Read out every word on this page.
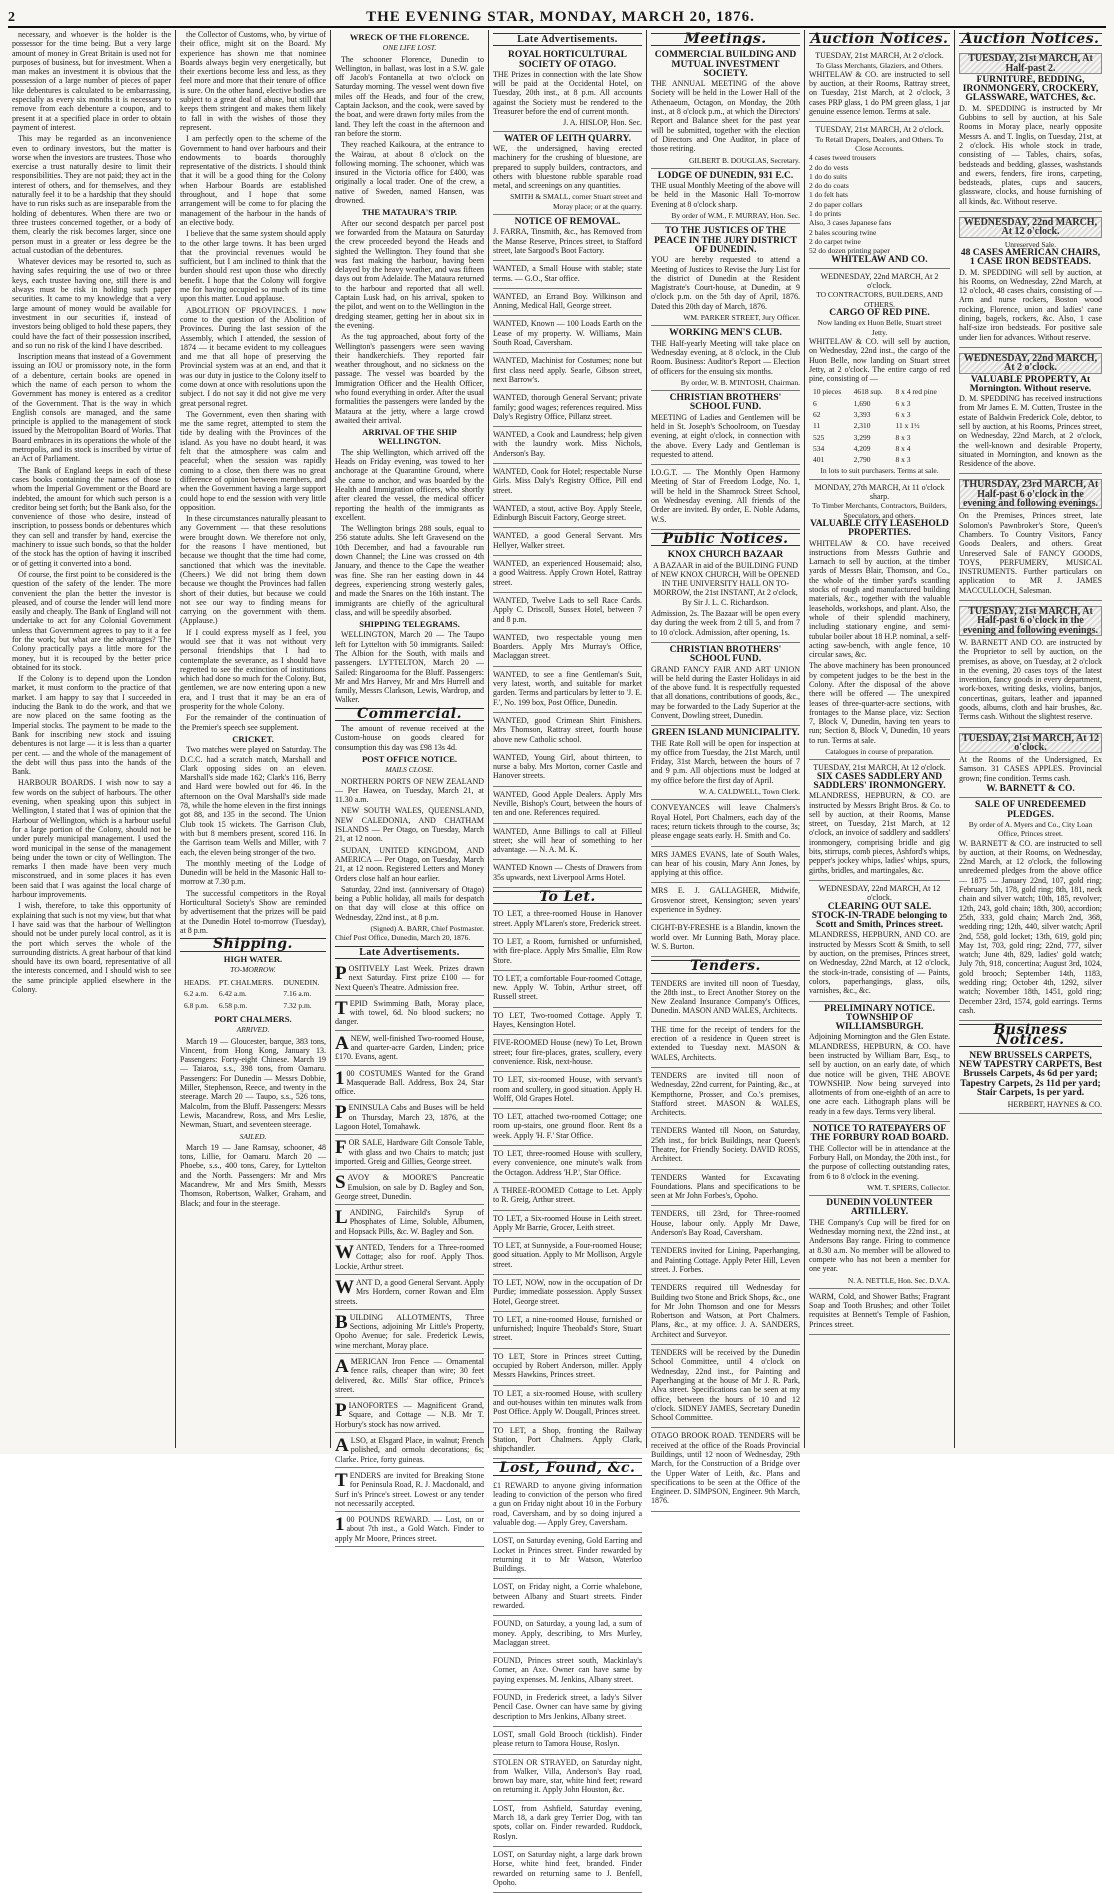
2	THE EVENING STAR, MONDAY, MARCH 20, 1876.

necessary, and whoever is the holder is the possessor for the time being. But a very large amount of money in Great Britain is used not for purposes of business, but for investment. When a man makes an investment it is obvious that the possession of a large number of pieces of paper like debentures is calculated to be embarrassing, especially as every six months it is necessary to remove from each debenture a coupon, and to present it at a specified place in order to obtain payment of interest.

This may be regarded as an inconvenience even to ordinary investors, but the matter is worse when the investors are trustees. Those who exercise a trust naturally desire to limit their responsibilities. They are not paid; they act in the interest of others, and for themselves, and they naturally feel it to be a hardship that they should have to run risks such as are inseparable from the holding of debentures. When there are two or three trustees concerned together, or a body of them, clearly the risk becomes larger, since one person must in a greater or less degree be the actual custodian of the debentures.

Whatever devices may be resorted to, such as having safes requiring the use of two or three keys, each trustee having one, still there is and always must be risk in holding such paper securities. It came to my knowledge that a very large amount of money would be available for investment in our securities if, instead of investors being obliged to hold these papers, they could have the fact of their possession inscribed, and so run no risk of the kind I have described.

Inscription means that instead of a Government issuing an IOU or promissory note, in the form of a debenture, certain books are opened in which the name of each person to whom the Government has money is entered as a creditor of the Government. That is the way in which English consols are managed, and the same principle is applied to the management of stock issued by the Metropolitan Board of Works. That Board embraces in its operations the whole of the metropolis, and its stock is inscribed by virtue of an Act of Parliament.

The Bank of England keeps in each of these cases books containing the names of those to whom the Imperial Government or the Board are indebted, the amount for which such person is a creditor being set forth; but the Bank also, for the convenience of those who desire, instead of inscription, to possess bonds or debentures which they can sell and transfer by hand, exercise the machinery to issue such bonds, so that the holder of the stock has the option of having it inscribed or of getting it converted into a bond.

Of course, the first point to be considered is the question of the safety of the lender. The more convenient the plan the better the investor is pleased, and of course the lender will lend more easily and cheaply. The Bank of England will not undertake to act for any Colonial Government unless that Government agrees to pay to it a fee for the work; but what are the advantages? The Colony practically pays a little more for the money, but it is recouped by the better price obtained for its stock.

If the Colony is to depend upon the London market, it must conform to the practice of that market. I am happy to say that I succeeded in inducing the Bank to do the work, and that we are now placed on the same footing as the Imperial stocks. The payment to be made to the Bank for inscribing new stock and issuing debentures is not large — it is less than a quarter per cent. — and the whole of the management of the debt will thus pass into the hands of the Bank.

HARBOUR BOARDS. I wish now to say a few words on the subject of harbours. The other evening, when speaking upon this subject in Wellington, I stated that I was of opinion that the Harbour of Wellington, which is a harbour useful for a large portion of the Colony, should not be under purely municipal management. I used the word municipal in the sense of the management being under the town or city of Wellington. The remarks I then made have been very much misconstrued, and in some places it has even been said that I was against the local charge of harbour improvements.

I wish, therefore, to take this opportunity of explaining that such is not my view, but that what I have said was that the harbour of Wellington should not be under purely local control, as it is the port which serves the whole of the surrounding districts. A great harbour of that kind should have its own board, representative of all the interests concerned, and I should wish to see the same principle applied elsewhere in the Colony.

the Collector of Customs, who, by virtue of their office, might sit on the Board. My experience has shown me that nominee Boards always begin very energetically, but their exertions become less and less, as they feel more and more that their tenure of office is sure. On the other hand, elective bodies are subject to a great deal of abuse, but still that keeps them stringent and makes them likely to fall in with the wishes of those they represent.

I am perfectly open to the scheme of the Government to hand over harbours and their endowments to boards thoroughly representative of the districts. I should think that it will be a good thing for the Colony when Harbour Boards are established throughout, and I hope that some arrangement will be come to for placing the management of the harbour in the hands of an elective body.

I believe that the same system should apply to the other large towns. It has been urged that the provincial revenues would be sufficient, but I am inclined to think that the burden should rest upon those who directly benefit. I hope that the Colony will forgive me for having occupied so much of its time upon this matter. Loud applause.

ABOLITION OF PROVINCES. I now come to the question of the Abolition of Provinces. During the last session of the Assembly, which I attended, the session of 1874 — it became evident to my colleagues and me that all hope of preserving the Provincial system was at an end, and that it was our duty in justice to the Colony itself to come down at once with resolutions upon the subject. I do not say it did not give me very great personal regret.

The Government, even then sharing with me the same regret, attempted to stem the tide by dealing with the Provinces of the island. As you have no doubt heard, it was felt that the atmosphere was calm and peaceful; when the session was rapidly coming to a close, then there was no great difference of opinion between members, and when the Government having a large support could hope to end the session with very little opposition.

In these circumstances naturally pleasant to any Government — that these resolutions were brought down. We therefore not only, for the reasons I have mentioned, but because we thought that the time had come, sanctioned that which was the inevitable. (Cheers.) We did not bring them down because we thought the Provinces had fallen short of their duties, but because we could not see our way to finding means for carrying on the government with them. (Applause.)

If I could express myself as I feel, you would see that it was not without very personal friendships that I had to contemplate the severance, as I should have regretted to see the extinction of institutions which had done so much for the Colony. But, gentlemen, we are now entering upon a new era, and I trust that it may be an era of prosperity for the whole Colony.

For the remainder of the continuation of the Premier's speech see supplement.

CRICKET.

Two matches were played on Saturday. The D.C.C. had a scratch match, Marshall and Clark opposing sides on an eleven. Marshall's side made 162; Clark's 116, Berry and Hard were bowled out for 46. In the afternoon on the Oval Marshall's side made 78, while the home eleven in the first innings got 88, and 135 in the second. The Union Club took 15 wickets. The Garrison Club, with but 8 members present, scored 116. In the Garrison team Wells and Miller, with 7 each, the eleven being stronger of the two.

The monthly meeting of the Lodge of Dunedin will be held in the Masonic Hall to-morrow at 7.30 p.m.

The successful competitors in the Royal Horticultural Society's Show are reminded by advertisement that the prizes will be paid at the Dunedin Hotel to-morrow (Tuesday), at 8 p.m.

Shipping.
HIGH WATER.
TO-MORROW.
HEADS.	PT. CHALMERS.	DUNEDIN.
6.2 a.m.	6.42 a.m.	7.16 a.m.
6.8 p.m.	6.58 p.m.	7.32 p.m.
PORT CHALMERS.
ARRIVED.

March 19 — Gloucester, barque, 383 tons, Vincent, from Hong Kong, January 13. Passengers: Forty-eight Chinese. March 19 — Taiaroa, s.s., 398 tons, from Oamaru. Passengers: For Dunedin — Messrs Dobbie, Miller, Stephenson, Reece, and twenty in the steerage. March 20 — Taupo, s.s., 526 tons, Malcolm, from the Bluff. Passengers: Messrs Lewis, Macandrew, Ross, and Mrs Leslie, Newman, Stuart, and seventeen steerage.

SAILED.

March 19 — Jane Ramsay, schooner, 48 tons, Lillie, for Oamaru. March 20 — Phoebe, s.s., 400 tons, Carey, for Lyttelton and the North. Passengers: Mr and Mrs Macandrew, Mr and Mrs Smith, Messrs Thomson, Robertson, Walker, Graham, and Black; and four in the steerage.

WRECK OF THE FLORENCE.
ONE LIFE LOST.

The schooner Florence, Dunedin to Wellington, in ballast, was lost in a S.W. gale off Jacob's Fontanella at two o'clock on Saturday morning. The vessel went down five miles off the Heads, and four of the crew, Captain Jackson, and the cook, were saved by the boat, and were drawn forty miles from the land. They left the coast in the afternoon and ran before the storm.

They reached Kaikoura, at the entrance to the Wairau, at about 8 o'clock on the following morning. The schooner, which was insured in the Victoria office for £400, was originally a local trader. One of the crew, a native of Sweden, named Hansen, was drowned.

THE MATAURA'S TRIP.

After our second despatch per parcel post we forwarded from the Mataura on Saturday the crew proceeded beyond the Heads and sighted the Wellington. They found that she was fast making the harbour, having been delayed by the heavy weather, and was fifteen days out from Adelaide. The Mataura returned to the harbour and reported that all well. Captain Lusk had, on his arrival, spoken to the pilot, and went on to the Wellington in the dredging steamer, getting her in about six in the evening.

As the tug approached, about forty of the Wellington's passengers were seen waving their handkerchiefs. They reported fair weather throughout, and no sickness on the passage. The vessel was boarded by the Immigration Officer and the Health Officer, who found everything in order. After the usual formalities the passengers were landed by the Mataura at the jetty, where a large crowd awaited their arrival.

ARRIVAL OF THE SHIP WELLINGTON.

The ship Wellington, which arrived off the Heads on Friday evening, was towed to her anchorage at the Quarantine Ground, where she came to anchor, and was boarded by the Health and Immigration officers, who shortly after cleared the vessel, the medical officer reporting the health of the immigrants as excellent.

The Wellington brings 288 souls, equal to 256 statute adults. She left Gravesend on the 10th December, and had a favourable run down Channel; the Line was crossed on 4th January, and thence to the Cape the weather was fine. She ran her easting down in 44 degrees, experiencing strong westerly gales, and made the Snares on the 16th instant. The immigrants are chiefly of the agricultural class, and will be speedily absorbed.

SHIPPING TELEGRAMS.

WELLINGTON, March 20 — The Taupo left for Lyttelton with 50 immigrants. Sailed: The Albion for the South, with mails and passengers. LYTTELTON, March 20 — Sailed: Ringarooma for the Bluff. Passengers: Mr and Mrs Harvey, Mr and Mrs Hurrell and family, Messrs Clarkson, Lewis, Wardrop, and Walker.

Commercial.

The amount of revenue received at the Custom-house on goods cleared for consumption this day was £98 13s 4d.

POST OFFICE NOTICE.
MAILS CLOSE.

NORTHERN PORTS OF NEW ZEALAND — Per Hawea, on Tuesday, March 21, at 11.30 a.m.

NEW SOUTH WALES, QUEENSLAND, NEW CALEDONIA, AND CHATHAM ISLANDS — Per Otago, on Tuesday, March 21, at 12 noon.

SUDAN, UNITED KINGDOM, AND AMERICA — Per Otago, on Tuesday, March 21, at 12 noon. Registered Letters and Money Orders close half an hour earlier.

Saturday, 22nd inst. (anniversary of Otago) being a Public holiday, all mails for despatch on that day will close at this office on Wednesday, 22nd inst., at 8 p.m.

(Signed) A. BARR, Chief Postmaster.
Chief Post Office, Dunedin, March 20, 1876.
Late Advertisements.
POSITIVELY Last Week. Prizes drawn next Saturday. First prize £100 — for Next Queen's Theatre. Admission free.
TEPID Swimming Bath, Moray place, with towel, 6d. No blood suckers; no danger.
ANEW, well-finished Two-roomed House, and quarter-acre Garden, Linden; price £170. Evans, agent.
1 00 COSTUMES Wanted for the Grand Masquerade Ball. Address, Box 24, Star office.
PENINSULA Cabs and Buses will be held on Thursday, March 23, 1876, at the Lagoon Hotel, Tomahawk.
FOR SALE, Hardware Gilt Console Table, with glass and two Chairs to match; just imported. Greig and Gillies, George street.
SAVOY & MOORE'S Pancreatic Emulsion, on sale by D. Bagley and Son, George street, Dunedin.
LANDING, Fairchild's Syrup of Phosphates of Lime, Soluble, Albumen, and Hopsack Pills, &c. W. Bagley and Son.
WANTED, Tenders for a Three-roomed Cottage; also for roof. Apply Thos. Lockie, Arthur street.
WANT D, a good General Servant. Apply Mrs Hordern, corner Rowan and Elm streets.
BUILDING ALLOTMENTS, Three Sections, adjoining Mr Little's Property, Opoho Avenue; for sale. Frederick Lewis, wine merchant, Moray place.
AMERICAN Iron Fence — Ornamental fence rails, cheaper than wire; 30 feet delivered, &c. Mills' Star office, Prince's street.
PIANOFORTES — Magnificent Grand, Square, and Cottage — N.B. Mr T. Horbury's stock has now arrived.
ALSO, at Elsgard Place, in walnut; French polished, and ormolu decorations; 6s; Clarke. Price, forty guineas.
TENDERS are invited for Breaking Stone for Peninsula Road, R. J. Macdonald, and Surf in's Prince's street. Lowest or any tender not necessarily accepted.
1 00 POUNDS REWARD. — Lost, on or about 7th inst., a Gold Watch. Finder to apply Mr Moore, Princes street.
Late Advertisements.
ROYAL HORTICULTURAL SOCIETY OF OTAGO.

THE Prizes in connection with the late Show will be paid at the Occidental Hotel, on Tuesday, 20th inst., at 8 p.m. All accounts against the Society must be rendered to the Treasurer before the end of current month.

J. A. HISLOP, Hon. Sec.
WATER OF LEITH QUARRY.

WE, the undersigned, having erected machinery for the crushing of bluestone, are prepared to supply builders, contractors, and others with bluestone rubble sparable road metal, and screenings on any quantities.

SMITH & SMALL, corner Stuart street and Moray place; or at the quarry.
NOTICE OF REMOVAL.

J. FARRA, Tinsmith, &c., has Removed from the Manse Reserve, Princes street, to Stafford street, late Sargood's Boot Factory.

WANTED, a Small House with stable; state terms. — G.O., Star office.

WANTED, an Errand Boy. Wilkinson and Anning, Medical Hall, George street.

WANTED, Known — 100 Loads Earth on the Lease of my property. W. Williams, Main South Road, Caversham.

WANTED, Machinist for Costumes; none but first class need apply. Searle, Gibson street, next Barrow's.

WANTED, thorough General Servant; private family; good wages; references required. Miss Daly's Registry Office, Pillanz street.

WANTED, a Cook and Laundress; help given with the laundry work. Miss Nichols, Anderson's Bay.

WANTED, Cook for Hotel; respectable Nurse Girls. Miss Daly's Registry Office, Pill end street.

WANTED, a stout, active Boy. Apply Steele, Edinburgh Biscuit Factory, George street.

WANTED, a good General Servant. Mrs Hellyer, Walker street.

WANTED, an experienced Housemaid; also, a good Waitress. Apply Crown Hotel, Rattray street.

WANTED, Twelve Lads to sell Race Cards. Apply C. Driscoll, Sussex Hotel, between 7 and 8 p.m.

WANTED, two respectable young men Boarders. Apply Mrs Murray's Office, Maclaggan street.

WANTED, to see a fine Gentleman's Suit, very latest, worth, and suitable for market garden. Terms and particulars by letter to 'J. E. F.', No. 199 box, Post Office, Dunedin.

WANTED, good Crimean Shirt Finishers. Mrs Thomson, Rattray street, fourth house above new Catholic school.

WANTED, Young Girl, about thirteen, to nurse a baby. Mrs Morton, corner Castle and Hanover streets.

WANTED, Good Apple Dealers. Apply Mrs Neville, Bishop's Court, between the hours of ten and one. References required.

WANTED, Anne Billings to call at Filleul street; she will hear of something to her advantage. — N. A. M. K.

WANTED Known — Chests of Drawers from 35s upwards, next Liverpool Arms Hotel.

To Let.

TO LET, a three-roomed House in Hanover street. Apply M'Laren's store, Frederick street.

TO LET, a Room, furnished or unfurnished, with fire-place. Apply Mrs Smallie, Elm Row Store.

TO LET, a comfortable Four-roomed Cottage, new. Apply W. Tobin, Arthur street, off Russell street.

TO LET, Two-roomed Cottage. Apply T. Hayes, Kensington Hotel.

FIVE-ROOMED House (new) To Let, Brown street; four fire-places, grates, scullery, every convenience. Risk, next-house.

TO LET, six-roomed House, with servant's room and scullery, in good situation. Apply H. Wolff, Old Grapes Hotel.

TO LET, attached two-roomed Cottage; one room up-stairs, one ground floor. Rent 8s a week. Apply 'H. F.' Star Office.

TO LET, three-roomed House with scullery, every convenience, one minute's walk from the Octagon. Address 'H.P.', Star Office.

A THREE-ROOMED Cottage to Let. Apply to R. Greig, Arthur street.

TO LET, a Six-roomed House in Leith street. Apply Mr Barrie, Grocer, Leith street.

TO LET, at Sunnyside, a Four-roomed House; good situation. Apply to Mr Mollison, Argyle street.

TO LET, NOW, now in the occupation of Dr Purdie; immediate possession. Apply Sussex Hotel, George street.

TO LET, a nine-roomed House, furnished or unfurnished; Inquire Theobald's Store, Stuart street.

TO LET, Store in Princes street Cutting, occupied by Robert Anderson, miller. Apply Messrs Hawkins, Princes street.

TO LET, a six-roomed House, with scullery and out-houses within ten minutes walk from Post Office. Apply W. Dougall, Princes street.

TO LET, a Shop, fronting the Railway Station, Port Chalmers. Apply Clark, shipchandler.

Lost, Found, &c.

£1 REWARD to anyone giving information leading to conviction of the person who fired a gun on Friday night about 10 in the Forbury road, Caversham, and by so doing injured a valuable dog. — Apply Grey, Caversham.

LOST, on Saturday evening, Gold Earring and Locket in Princes street. Finder rewarded by returning it to Mr Watson, Waterloo Buildings.

LOST, on Friday night, a Corrie whalebone, between Albany and Stuart streets. Finder rewarded.

FOUND, on Saturday, a young lad, a sum of money. Apply, describing, to Mrs Murley, Maclaggan street.

FOUND, Princes street south, Mackinlay's Corner, an Axe. Owner can have same by paying expenses. M. Jenkins, Albany street.

FOUND, in Frederick street, a lady's Silver Pencil Case. Owner can have same by giving description to Mrs Jenkins, Albany street.

LOST, small Gold Brooch (ticklish). Finder please return to Tamora House, Roslyn.

STOLEN OR STRAYED, on Saturday night, from Walker, Villa, Anderson's Bay road, brown bay mare, star, white hind feet; reward on returning it. Apply John Houston, &c.

LOST, from Ashfield, Saturday evening, March 18, a dark grey Terrier Dog, with tan spots, collar on. Finder rewarded. Ruddock, Roslyn.

LOST, on Saturday night, a large dark brown Horse, white hind feet, branded. Finder rewarded on returning same to J. Benfell, Opoho.

Meetings.
COMMERCIAL BUILDING AND MUTUAL INVESTMENT SOCIETY.

THE ANNUAL MEETING of the above Society will be held in the Lower Hall of the Athenaeum, Octagon, on Monday, the 20th inst., at 8 o'clock p.m., at which the Directors' Report and Balance sheet for the past year will be submitted, together with the election of Directors and One Auditor, in place of those retiring.

GILBERT B. DOUGLAS, Secretary.
LODGE OF DUNEDIN, 931 E.C.

THE usual Monthly Meeting of the above will be held in the Masonic Hall To-morrow Evening at 8 o'clock sharp.

By order of W.M., F. MURRAY, Hon. Sec.
TO THE JUSTICES OF THE PEACE IN THE JURY DISTRICT OF DUNEDIN.

YOU are hereby requested to attend a Meeting of Justices to Revise the Jury List for the district of Dunedin at the Resident Magistrate's Court-house, at Dunedin, at 9 o'clock p.m. on the 5th day of April, 1876. Dated this 20th day of March, 1876.

WM. PARKER STREET, Jury Officer.
WORKING MEN'S CLUB.

THE Half-yearly Meeting will take place on Wednesday evening, at 8 o'clock, in the Club Room. Business: Auditor's Report — Election of officers for the ensuing six months.

By order, W. B. M'INTOSH, Chairman.
CHRISTIAN BROTHERS' SCHOOL FUND.

MEETING of Ladies and Gentlemen will be held in St. Joseph's Schoolroom, on Tuesday evening, at eight o'clock, in connection with the above. Every Lady and Gentleman is requested to attend.

I.O.G.T. — The Monthly Open Harmony Meeting of Star of Freedom Lodge, No. 1, will be held in the Shamrock Street School, on Wednesday evening. All friends of the Order are invited. By order, E. Noble Adams, W.S.

Public Notices.
KNOX CHURCH BAZAAR

A BAZAAR in aid of the BUILDING FUND of NEW KNOX CHURCH, Will be OPENED IN THE UNIVERSITY HALL ON TO-MORROW, the 21st INSTANT, At 2 o'clock, By Sir J. L. C. Richardson.

Admission, 2s. The Bazaar will be open every day during the week from 2 till 5, and from 7 to 10 o'clock. Admission, after opening, 1s.

CHRISTIAN BROTHERS' SCHOOL FUND.

GRAND FANCY FAIR AND ART UNION will be held during the Easter Holidays in aid of the above fund. It is respectfully requested that all donations, contributions of goods, &c., may be forwarded to the Lady Superior at the Convent, Dowling street, Dunedin.

GREEN ISLAND MUNICIPALITY.

THE Rate Roll will be open for inspection at my office from Tuesday, the 21st March, until Friday, 31st March, between the hours of 7 and 9 p.m. All objections must be lodged at my office before the first day of April.

W. A. CALDWELL, Town Clerk.

CONVEYANCES will leave Chalmers's Royal Hotel, Port Chalmers, each day of the races; return tickets through to the course, 3s; please engage seats early. H. Smith and Co.

MRS JAMES EVANS, late of South Wales, can hear of his cousin, Mary Ann Jones, by applying at this office.

MRS E. J. GALLAGHER, Midwife, Grosvenor street, Kensington; seven years' experience in Sydney.

CIGHT-BY-FRESHE is a Blandin, known the world over. Mr Lunning Bath, Moray place. W. S. Burton.

Tenders.

TENDERS are invited till noon of Tuesday, the 28th inst., to Erect Another Storey on the New Zealand Insurance Company's Offices, Dunedin. MASON AND WALES, Architects.

THE time for the receipt of tenders for the erection of a residence in Queen street is extended to Tuesday next. MASON & WALES, Architects.

TENDERS are invited till noon of Wednesday, 22nd current, for Painting, &c., at Kempthorne, Prosser, and Co.'s premises, Stafford street. MASON & WALES, Architects.

TENDERS Wanted till Noon, on Saturday, 25th inst., for brick Buildings, near Queen's Theatre, for Friendly Society. DAVID ROSS, Architect.

TENDERS Wanted for Excavating Foundations. Plans and specifications to be seen at Mr John Forbes's, Opoho.

TENDERS, till 23rd, for Three-roomed House, labour only. Apply Mr Dawe, Anderson's Bay Road, Caversham.

TENDERS invited for Lining, Paperhanging, and Painting Cottage. Apply Peter Hill, Leven street. J. Forbes.

TENDERS required till Wednesday for Building two Stone and Brick Shops, &c., one for Mr John Thomson and one for Messrs Robertson and Watson, at Port Chalmers. Plans, &c., at my office. J. A. SANDERS, Architect and Surveyor.

TENDERS will be received by the Dunedin School Committee, until 4 o'clock on Wednesday, 22nd inst., for Painting and Paperhanging at the house of Mr J. R. Park, Alva street. Specifications can be seen at my office, between the hours of 10 and 12 o'clock. SIDNEY JAMES, Secretary Dunedin School Committee.

OTAGO BROOK ROAD. TENDERS will be received at the office of the Roads Provincial Buildings, until 12 noon of Wednesday, 29th March, for the Construction of a Bridge over the Upper Water of Leith, &c. Plans and specifications to be seen at the Office of the Engineer. D. SIMPSON, Engineer. 9th March, 1876.

Auction Notices.
TUESDAY, 21st MARCH, At 2 o'clock.
To Glass Merchants, Glaziers, and Others.

WHITELAW & CO. are instructed to sell by auction, at their Rooms, Rattray street, on Tuesday, 21st March, at 2 o'clock, 3 cases PRP glass, 1 do PM green glass, 1 jar genuine essence lemon. Terms at sale.

TUESDAY, 21st MARCH, At 2 o'clock.
To Retail Drapers, Dealers, and Others. To Close Accounts.
4 cases tweed trousers
2 do do vests
1 do do suits
2 do do coats
1 do felt hats
2 do paper collars
1 do prints
Also, 3 cases Japanese fans
2 bales scouring twine
2 do carpet twine
52 do dozen printing paper
WHITELAW AND CO.
WEDNESDAY, 22nd MARCH, At 2 o'clock.
TO CONTRACTORS, BUILDERS, AND OTHERS.
CARGO OF RED PINE.
Now landing ex Huon Belle, Stuart street Jetty.

WHITELAW & CO. will sell by auction, on Wednesday, 22nd inst., the cargo of the Huon Belle, now landing on Stuart street Jetty, at 2 o'clock. The entire cargo of red pine, consisting of —

10 pieces	4618 sup.	8 x 4 red pine
6	1,690	6 x 3
62	3,393	6 x 3
11	2,310	11 x 1½
525	3,299	8 x 3
534	4,209	8 x 4
401	2,790	8 x 3
In lots to suit purchasers. Terms at sale.
MONDAY, 27th MARCH, At 11 o'clock sharp.
To Timber Merchants, Contractors, Builders, Speculators, and others.
VALUABLE CITY LEASEHOLD PROPERTIES.

WHITELAW & CO. have received instructions from Messrs Guthrie and Larnach to sell by auction, at the timber yards of Messrs Blair, Thomson, and Co., the whole of the timber yard's scantling stocks of rough and manufactured building materials, &c., together with the valuable leaseholds, workshops, and plant. Also, the whole of their splendid machinery, including stationary engine, and semi-tubular boiler about 18 H.P. nominal, a self-acting saw-bench, with angle fence, 10 circular saws, &c.

The above machinery has been pronounced by competent judges to be the best in the Colony. After the disposal of the above there will be offered — The unexpired leases of three-quarter-acre sections, with frontages to the Manse place, viz: Section 7, Block V, Dunedin, having ten years to run; Section 8, Block V, Dunedin, 10 years to run. Terms at sale.

Catalogues in course of preparation.
TUESDAY, 21st MARCH, At 12 o'clock.
SIX CASES SADDLERY AND SADDLERS' IRONMONGERY.

MLANDRESS, HEPBURN, & CO. are instructed by Messrs Bright Bros. & Co. to sell by auction, at their Rooms, Manse street, on Tuesday, 21st March, at 12 o'clock, an invoice of saddlery and saddlers' ironmongery, comprising bridle and gig bits, stirrups, comb pieces, Ashford's whips, pepper's jockey whips, ladies' whips, spurs, girths, bridles, and martingales, &c.

WEDNESDAY, 22nd MARCH, At 12 o'clock.
CLEARING OUT SALE. STOCK-IN-TRADE belonging to Scott and Smith, Princes street.

MLANDRESS, HEPBURN, AND CO. are instructed by Messrs Scott & Smith, to sell by auction, on the premises, Princes street, on Wednesday, 22nd March, at 12 o'clock, the stock-in-trade, consisting of — Paints, colors, paperhangings, glass, oils, varnishes, &c., &c.

PRELIMINARY NOTICE. TOWNSHIP OF WILLIAMSBURGH.

Adjoining Mornington and the Glen Estate. MLANDRESS, HEPBURN, & CO. have been instructed by William Barr, Esq., to sell by auction, on an early date, of which due notice will be given, THE ABOVE TOWNSHIP. Now being surveyed into allotments of from one-eighth of an acre to one acre each. Lithograph plans will be ready in a few days. Terms very liberal.

NOTICE TO RATEPAYERS OF THE FORBURY ROAD BOARD.

THE Collector will be in attendance at the Forbury Hall, on Monday, the 20th inst., for the purpose of collecting outstanding rates, from 6 to 8 o'clock in the evening.

WM. T. SPIERS, Collector.
DUNEDIN VOLUNTEER ARTILLERY.

THE Company's Cup will be fired for on Wednesday morning next, the 22nd inst., at Andersons Bay range. Firing to commence at 8.30 a.m. No member will be allowed to compete who has not been a member for one year.

N. A. NETTLE, Hon. Sec. D.V.A.

WARM, Cold, and Shower Baths; Fragrant Soap and Tooth Brushes; and other Toilet requisites at Bennett's Temple of Fashion, Princes street.

Auction Notices.
TUESDAY, 21st MARCH, At Half-past 2.
FURNITURE, BEDDING, IRONMONGERY, CROCKERY, GLASSWARE, WATCHES, &c.

D. M. SPEDDING is instructed by Mr Gubbins to sell by auction, at his Sale Rooms in Moray place, nearly opposite Messrs A. and T. Inglis, on Tuesday, 21st, at 2 o'clock. His whole stock in trade, consisting of — Tables, chairs, sofas, bedsteads and bedding, glasses, washstands and ewers, fenders, fire irons, carpeting, bedsteads, plates, cups and saucers, glassware, clocks, and house furnishing of all kinds, &c. Without reserve.

WEDNESDAY, 22nd MARCH, At 12 o'clock.
Unreserved Sale.
48 CASES AMERICAN CHAIRS, 1 CASE IRON BEDSTEADS.

D. M. SPEDDING will sell by auction, at his Rooms, on Wednesday, 22nd March, at 12 o'clock, 48 cases chairs, consisting of — Arm and nurse rockers, Boston wood rocking, Florence, union and ladies' cane dining, bagels, rockers, &c. Also, 1 case half-size iron bedsteads. For positive sale under lien for advances. Without reserve.

WEDNESDAY, 22nd MARCH, At 2 o'clock.
VALUABLE PROPERTY, At Mornington. Without reserve.

D. M. SPEDDING has received instructions from Mr James E. M. Cutten, Trustee in the estate of Baldwin Frederick Cole, debtor, to sell by auction, at his Rooms, Princes street, on Wednesday, 22nd March, at 2 o'clock, the well-known and desirable Property, situated in Mornington, and known as the Residence of the above.

THURSDAY, 23rd MARCH, At Half-past 6 o'clock in the evening and following evenings.

On the Premises, Princes street, late Solomon's Pawnbroker's Store, Queen's Chambers. To Country Visitors, Fancy Goods Dealers, and others. Great Unreserved Sale of FANCY GOODS, TOYS, PERFUMERY, MUSICAL INSTRUMENTS. Further particulars on application to MR J. JAMES MACCULLOCH, Salesman.

TUESDAY, 21st MARCH, At Half-past 6 o'clock in the evening and following evenings.

W. BARNETT AND CO. are instructed by the Proprietor to sell by auction, on the premises, as above, on Tuesday, at 2 o'clock in the evening, 20 cases toys of the latest invention, fancy goods in every department, work-boxes, writing desks, violins, banjos, concertinas, guitars, leather and japanned goods, albums, cloth and hair brushes, &c. Terms cash. Without the slightest reserve.

TUESDAY, 21st MARCH, At 12 o'clock.

At the Rooms of the Undersigned, Ex Samson. 31 CASES APPLES. Provincial grown; fine condition. Terms cash.

W. BARNETT & CO.
SALE OF UNREDEEMED PLEDGES.
By order of A. Myers and Co., City Loan Office, Princes street.

W. BARNETT & CO. are instructed to sell by auction, at their Rooms, on Wednesday, 22nd March, at 12 o'clock, the following unredeemed pledges from the above office — 1875 — January 22nd, 107, gold ring; February 5th, 178, gold ring; 8th, 181, neck chain and silver watch; 10th, 185, revolver; 12th, 243, gold chain; 18th, 300, accordion; 25th, 333, gold chain; March 2nd, 368, wedding ring; 12th, 440, silver watch; April 2nd, 558, gold locket; 13th, 619, gold pin; May 1st, 703, gold ring; 22nd, 777, silver watch; June 4th, 829, ladies' gold watch; July 7th, 918, concertina; August 3rd, 1024, gold brooch; September 14th, 1183, wedding ring; October 4th, 1292, silver watch; November 18th, 1451, gold ring; December 23rd, 1574, gold earrings. Terms cash.

Business Notices.

NEW BRUSSELS CARPETS, NEW TAPESTRY CARPETS, Best Brussels Carpets, 4s 6d per yard; Tapestry Carpets, 2s 11d per yard; Stair Carpets, 1s per yard.

HERBERT, HAYNES & CO.
